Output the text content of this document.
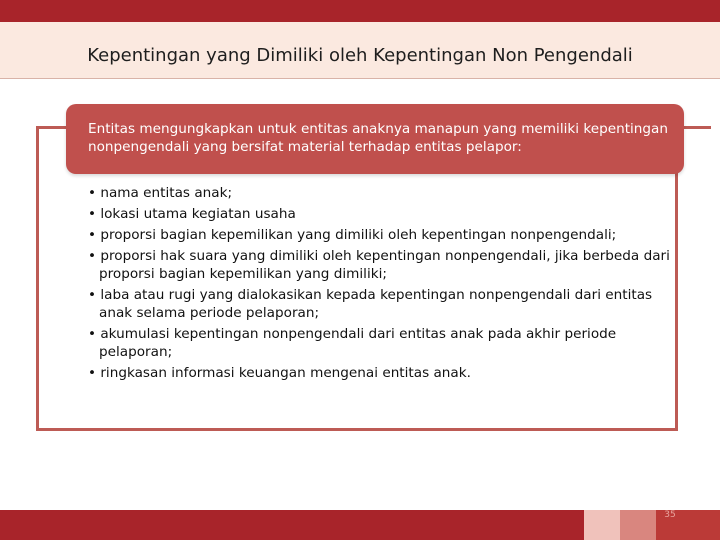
Kepentingan yang Dimiliki oleh Kepentingan Non Pengendali
Entitas mengungkapkan untuk entitas anaknya manapun yang memiliki kepentingan nonpengendali yang bersifat material terhadap entitas pelapor:
• nama entitas anak;
• lokasi utama kegiatan usaha
• proporsi bagian kepemilikan yang dimiliki oleh kepentingan nonpengendali;
• proporsi hak suara yang dimiliki oleh kepentingan nonpengendali, jika berbeda dari proporsi bagian kepemilikan yang dimiliki;
• laba atau rugi yang dialokasikan kepada kepentingan nonpengendali dari entitas anak selama periode pelaporan;
• akumulasi kepentingan nonpengendali dari entitas anak pada akhir periode pelaporan;
• ringkasan informasi keuangan mengenai entitas anak.
35
